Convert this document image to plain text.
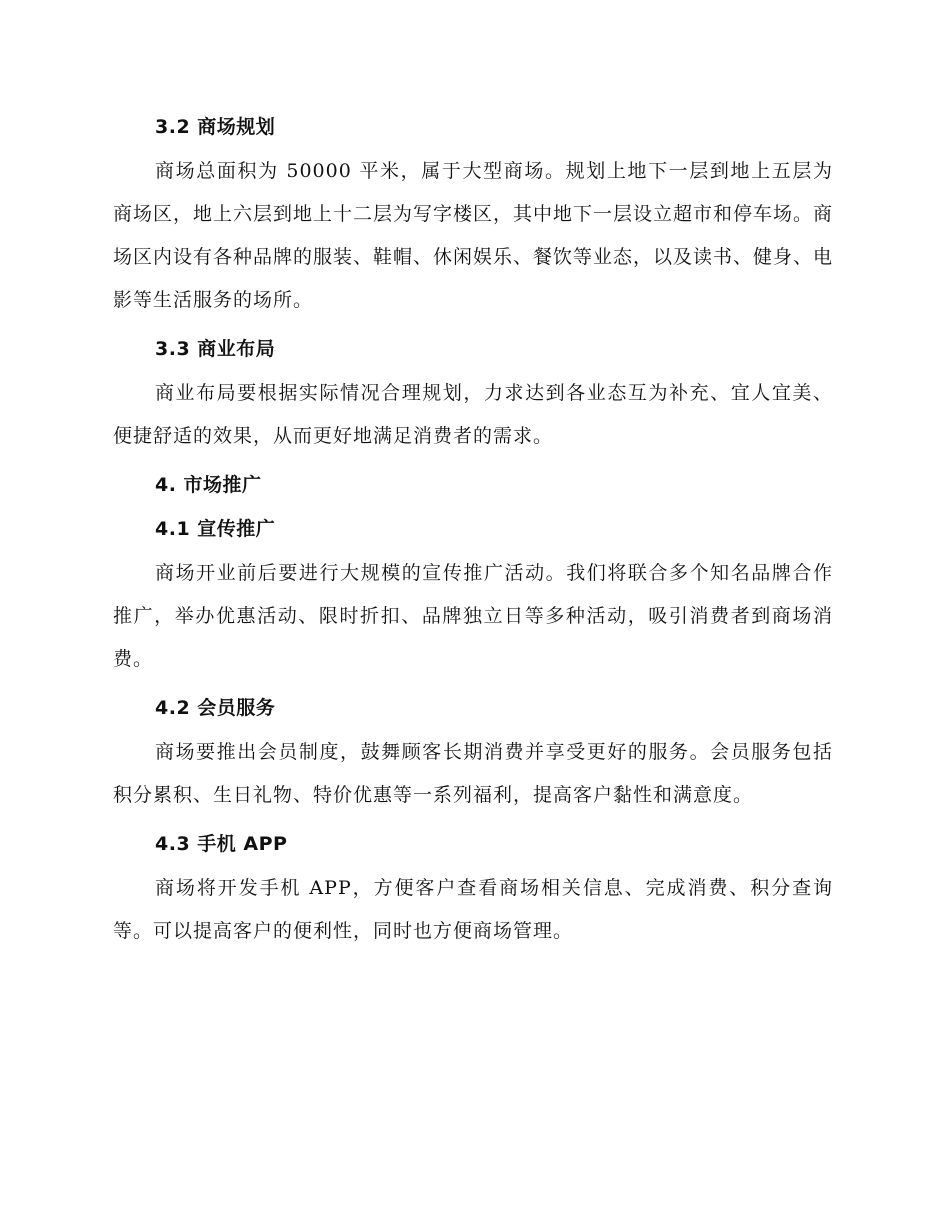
3.2 商场规划

商场总面积为 50000 平米，属于大型商场。规划上地下一层到地上五层为商场区，地上六层到地上十二层为写字楼区，其中地下一层设立超市和停车场。商场区内设有各种品牌的服装、鞋帽、休闲娱乐、餐饮等业态，以及读书、健身、电影等生活服务的场所。

3.3 商业布局

商业布局要根据实际情况合理规划，力求达到各业态互为补充、宜人宜美、便捷舒适的效果，从而更好地满足消费者的需求。

4. 市场推广
4.1 宣传推广

商场开业前后要进行大规模的宣传推广活动。我们将联合多个知名品牌合作推广，举办优惠活动、限时折扣、品牌独立日等多种活动，吸引消费者到商场消费。

4.2 会员服务

商场要推出会员制度，鼓舞顾客长期消费并享受更好的服务。会员服务包括积分累积、生日礼物、特价优惠等一系列福利，提高客户黏性和满意度。

4.3 手机 APP

商场将开发手机 APP，方便客户查看商场相关信息、完成消费、积分查询等。可以提高客户的便利性，同时也方便商场管理。
